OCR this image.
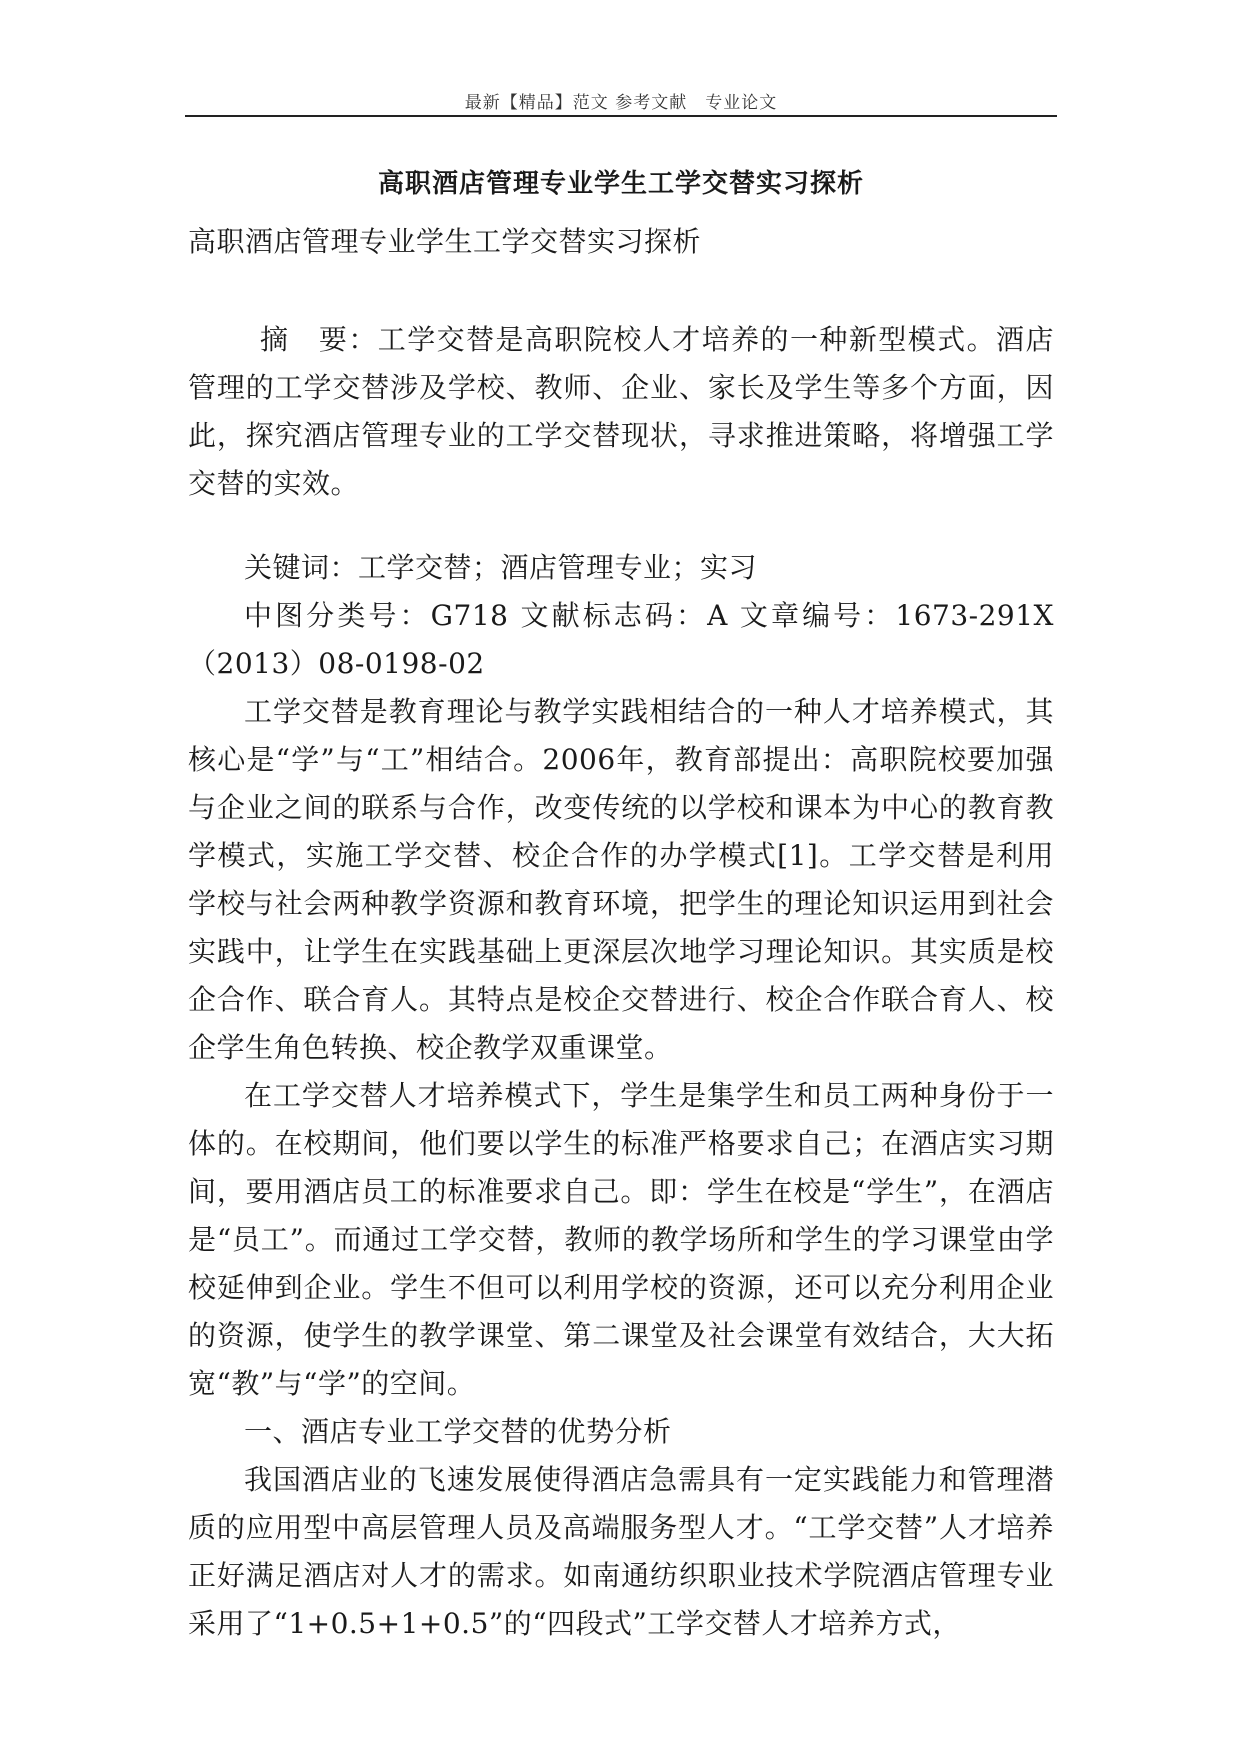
最新【精品】范文 参考文献　专业论文
高职酒店管理专业学生工学交替实习探析

高职酒店管理专业学生工学交替实习探析

摘　要：工学交替是高职院校人才培养的一种新型模式。酒店管理的工学交替涉及学校、教师、企业、家长及学生等多个方面，因此，探究酒店管理专业的工学交替现状，寻求推进策略，将增强工学交替的实效。

关键词：工学交替；酒店管理专业；实习

中图分类号：G718 文献标志码：A 文章编号：1673-291X（2013）08-0198-02

工学交替是教育理论与教学实践相结合的一种人才培养模式，其核心是“学”与“工”相结合。2006年，教育部提出：高职院校要加强与企业之间的联系与合作，改变传统的以学校和课本为中心的教育教学模式，实施工学交替、校企合作的办学模式[1]。工学交替是利用学校与社会两种教学资源和教育环境，把学生的理论知识运用到社会实践中，让学生在实践基础上更深层次地学习理论知识。其实质是校企合作、联合育人。其特点是校企交替进行、校企合作联合育人、校企学生角色转换、校企教学双重课堂。

在工学交替人才培养模式下，学生是集学生和员工两种身份于一体的。在校期间，他们要以学生的标准严格要求自己；在酒店实习期间，要用酒店员工的标准要求自己。即：学生在校是“学生”，在酒店是“员工”。而通过工学交替，教师的教学场所和学生的学习课堂由学校延伸到企业。学生不但可以利用学校的资源，还可以充分利用企业的资源，使学生的教学课堂、第二课堂及社会课堂有效结合，大大拓宽“教”与“学”的空间。

一、酒店专业工学交替的优势分析

我国酒店业的飞速发展使得酒店急需具有一定实践能力和管理潜质的应用型中高层管理人员及高端服务型人才。“工学交替”人才培养正好满足酒店对人才的需求。如南通纺织职业技术学院酒店管理专业采用了“1+0.5+1+0.5”的“四段式”工学交替人才培养方式，
